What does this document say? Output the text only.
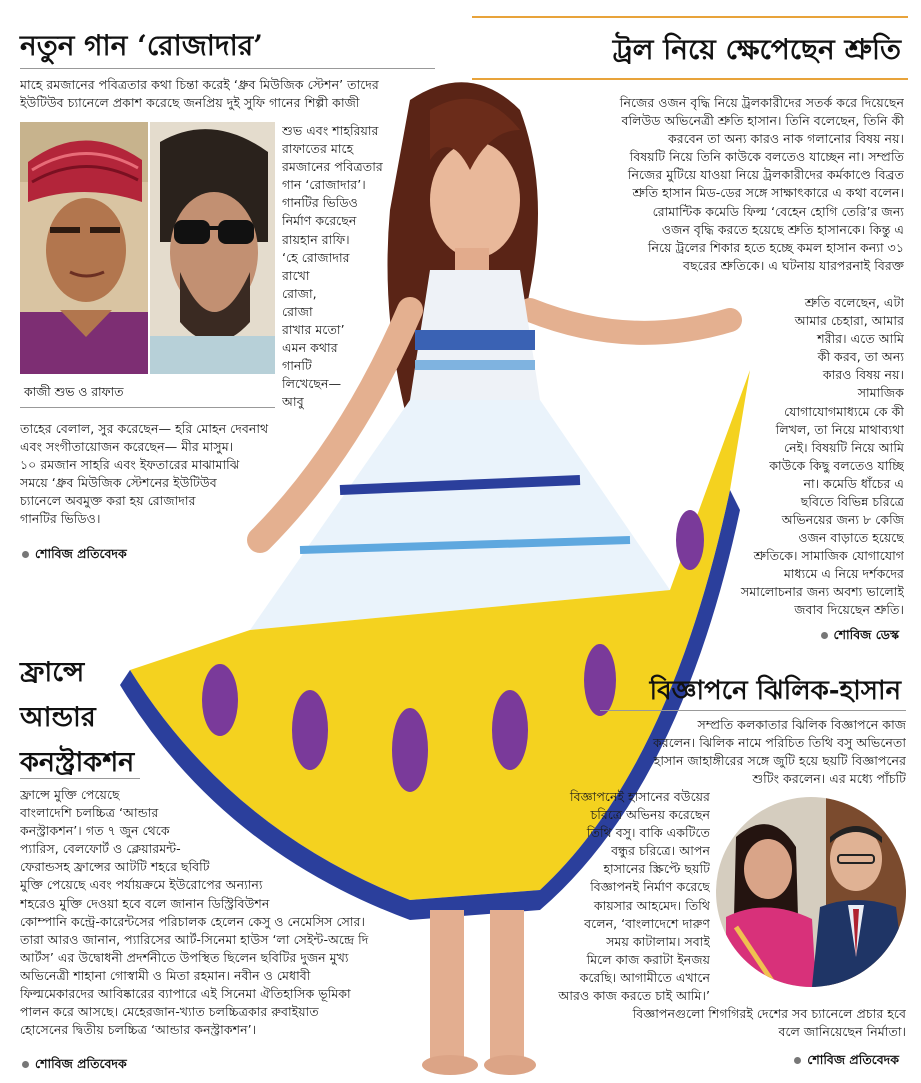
নতুন গান ‘রোজাদার’
মাহে রমজানের পবিত্রতার কথা চিন্তা করেই ‘ধ্রুব মিউজিক স্টেশন’ তাদের
ইউটিউব চ্যানেলে প্রকাশ করেছে জনপ্রিয় দুই সুফি গানের শিল্পী কাজী
শুভ এবং শাহরিয়ার
রাফাতের মাহে
রমজানের পবিত্রতার
গান ‘রোজাদার’।
গানটির ভিডিও
নির্মাণ করেছেন
রায়হান রাফি।
‘হে রোজাদার
রাখো
রোজা,
রোজা
রাখার মতো’
এমন কথার
গানটি
লিখেছেন—
আবু
কাজী শুভ ও রাফাত
তাহের বেলাল, সুর করেছেন— হরি মোহন দেবনাথ
এবং সংগীতায়োজন করেছেন— মীর মাসুম।
১০ রমজান সাহরি এবং ইফতারের মাঝামাঝি
সময়ে ‘ধ্রুব মিউজিক স্টেশনের ইউটিউব
চ্যানেলে অবমুক্ত করা হয় রোজাদার
গানটির ভিডিও।
শোবিজ প্রতিবেদক
ট্রল নিয়ে ক্ষেপেছেন শ্রুতি
নিজের ওজন বৃদ্ধি নিয়ে ট্রলকারীদের সতর্ক করে দিয়েছেন
বলিউড অভিনেত্রী শ্রুতি হাসান। তিনি বলেছেন, তিনি কী
করবেন তা অন্য কারও নাক গলানোর বিষয় নয়।
বিষয়টি নিয়ে তিনি কাউকে বলতেও যাচ্ছেন না। সম্প্রতি
নিজের মুটিয়ে যাওয়া নিয়ে ট্রলকারীদের কর্মকাণ্ডে বিব্রত
শ্রুতি হাসান মিড-ডের সঙ্গে সাক্ষাৎকারে এ কথা বলেন।
রোমান্টিক কমেডি ফিল্ম ‘বেহেন হোগি তেরি’র জন্য
ওজন বৃদ্ধি করতে হয়েছে শ্রুতি হাসানকে। কিন্তু এ
নিয়ে ট্রলের শিকার হতে হচ্ছে কমল হাসান কন্যা ৩১
বছরের শ্রুতিকে। এ ঘটনায় যারপরনাই বিরক্ত
শ্রুতি বলেছেন, এটা
আমার চেহারা, আমার
শরীর। এতে আমি
কী করব, তা অন্য
কারও বিষয় নয়।
সামাজিক
যোগাযোগমাধ্যমে কে কী
লিখল, তা নিয়ে মাথাব্যথা
নেই। বিষয়টি নিয়ে আমি
কাউকে কিছু বলতেও যাচ্ছি
না। কমেডি ধাঁচের এ
ছবিতে বিভিন্ন চরিত্রে
অভিনয়ের জন্য ৮ কেজি
ওজন বাড়াতে হয়েছে
শ্রুতিকে। সামাজিক যোগাযোগ
মাধ্যমে এ নিয়ে দর্শকদের
সমালোচনার জন্য অবশ্য ভালোই
জবাব দিয়েছেন শ্রুতি।
শোবিজ ডেস্ক
ফ্রান্সে
আন্ডার
কনস্ট্রাকশন
ফ্রান্সে মুক্তি পেয়েছে
বাংলাদেশি চলচ্চিত্র ‘আন্ডার
কনস্ট্রাকশন’। গত ৭ জুন থেকে
প্যারিস, বেলফোর্ট ও ক্লেয়ারমন্ট-
ফেরান্ডসহ ফ্রান্সের আটটি শহরে ছবিটি
মুক্তি পেয়েছে এবং পর্যায়ক্রমে ইউরোপের অন্যান্য
শহরেও মুক্তি দেওয়া হবে বলে জানান ডিস্ট্রিবিউশন
কোম্পানি কন্ট্রে-কারেন্টসের পরিচালক হেলেন কেসু ও নেমেসিস সোর।
তারা আরও জানান, প্যারিসের আর্ট-সিনেমা হাউস ‘লা সেইন্ট-অন্দ্রে দি
আর্টস’ এর উদ্বোধনী প্রদর্শনীতে উপস্থিত ছিলেন ছবিটির দুজন মুখ্য
অভিনেত্রী শাহানা গোস্বামী ও মিতা রহমান। নবীন ও মেধাবী
ফিল্মমেকারদের আবিষ্কারের ব্যাপারে এই সিনেমা ঐতিহাসিক ভূমিকা
পালন করে আসছে। মেহেরজান-খ্যাত চলচ্চিত্রকার রুবাইয়াত
হোসেনের দ্বিতীয় চলচ্চিত্র ‘আন্ডার কনস্ট্রাকশন’।
শোবিজ প্রতিবেদক
বিজ্ঞাপনে ঝিলিক-হাসান
সম্প্রতি কলকাতার ঝিলিক বিজ্ঞাপনে কাজ
করলেন। ঝিলিক নামে পরিচিত তিথি বসু অভিনেতা
হাসান জাহাঙ্গীরের সঙ্গে জুটি হয়ে ছয়টি বিজ্ঞাপনের
শুটিং করলেন। এর মধ্যে পাঁচটি
বিজ্ঞাপনেই হাসানের বউয়ের
চরিত্রে অভিনয় করেছেন
তিথি বসু। বাকি একটিতে
বন্ধুর চরিত্রে। আপন
হাসানের স্ক্রিপ্টে ছয়টি
বিজ্ঞাপনই নির্মাণ করেছে
কায়সার আহমেদ। তিথি
বলেন, ‘বাংলাদেশে দারুণ
সময় কাটালাম। সবাই
মিলে কাজ করাটা ইনজয়
করেছি। আগামীতে এখানে
আরও কাজ করতে চাই আমি।’
বিজ্ঞাপনগুলো শিগগিরই দেশের সব চ্যানেলে প্রচার হবে
বলে জানিয়েছেন নির্মাতা।
শোবিজ প্রতিবেদক
